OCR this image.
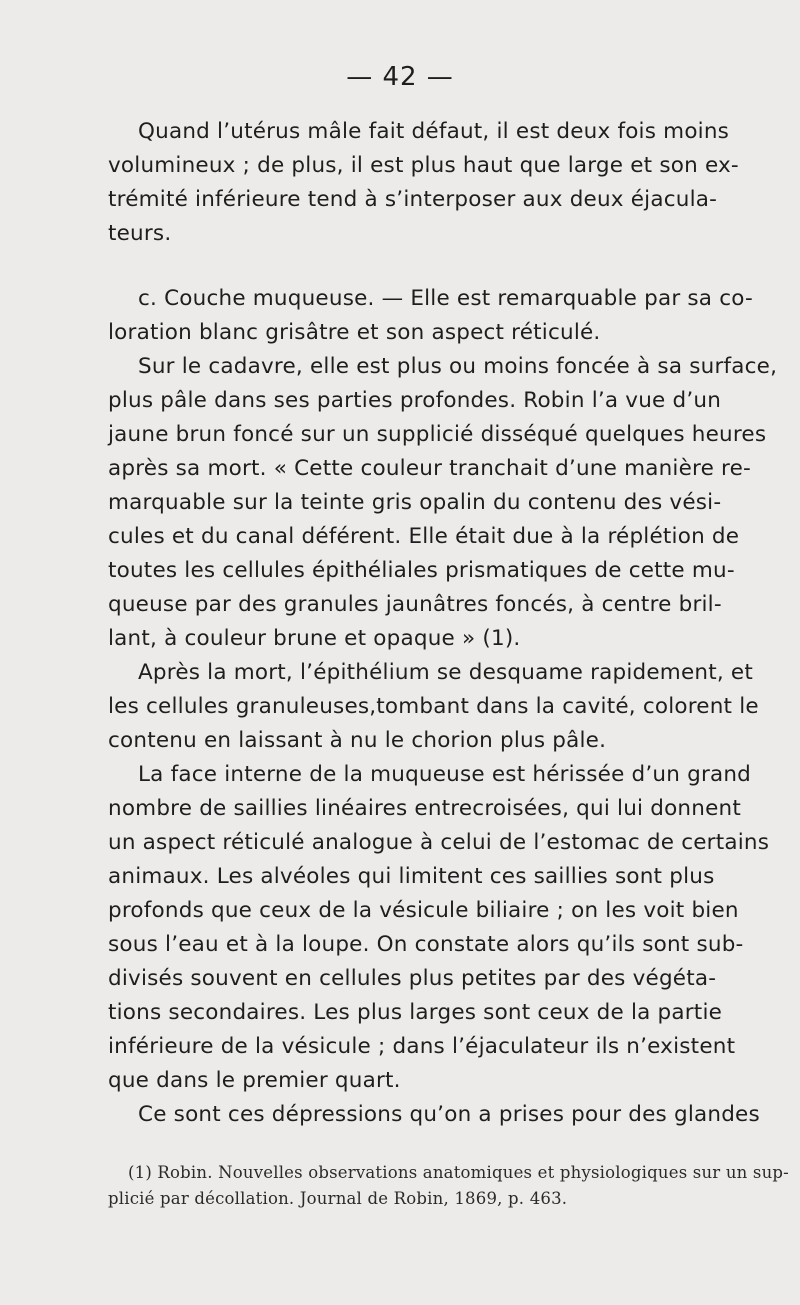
— 42 —
Quand l’utérus mâle fait défaut, il est deux fois moins
volumineux ; de plus, il est plus haut que large et son ex-
trémité inférieure tend à s’interposer aux deux éjacula-
teurs.
c. Couche muqueuse. — Elle est remarquable par sa co-
loration blanc grisâtre et son aspect réticulé.
Sur le cadavre, elle est plus ou moins foncée à sa surface,
plus pâle dans ses parties profondes. Robin l’a vue d’un
jaune brun foncé sur un supplicié disséqué quelques heures
après sa mort. « Cette couleur tranchait d’une manière re-
marquable sur la teinte gris opalin du contenu des vési-
cules et du canal déférent. Elle était due à la réplétion de
toutes les cellules épithéliales prismatiques de cette mu-
queuse par des granules jaunâtres foncés, à centre bril-
lant, à couleur brune et opaque » (1).
Après la mort, l’épithélium se desquame rapidement, et
les cellules granuleuses,tombant dans la cavité, colorent le
contenu en laissant à nu le chorion plus pâle.
La face interne de la muqueuse est hérissée d’un grand
nombre de saillies linéaires entrecroisées, qui lui donnent
un aspect réticulé analogue à celui de l’estomac de certains
animaux. Les alvéoles qui limitent ces saillies sont plus
profonds que ceux de la vésicule biliaire ; on les voit bien
sous l’eau et à la loupe. On constate alors qu’ils sont sub-
divisés souvent en cellules plus petites par des végéta-
tions secondaires. Les plus larges sont ceux de la partie
inférieure de la vésicule ; dans l’éjaculateur ils n’existent
que dans le premier quart.
Ce sont ces dépressions qu’on a prises pour des glandes
(1) Robin. Nouvelles observations anatomiques et physiologiques sur un sup-
plicié par décollation. Journal de Robin, 1869, p. 463.
